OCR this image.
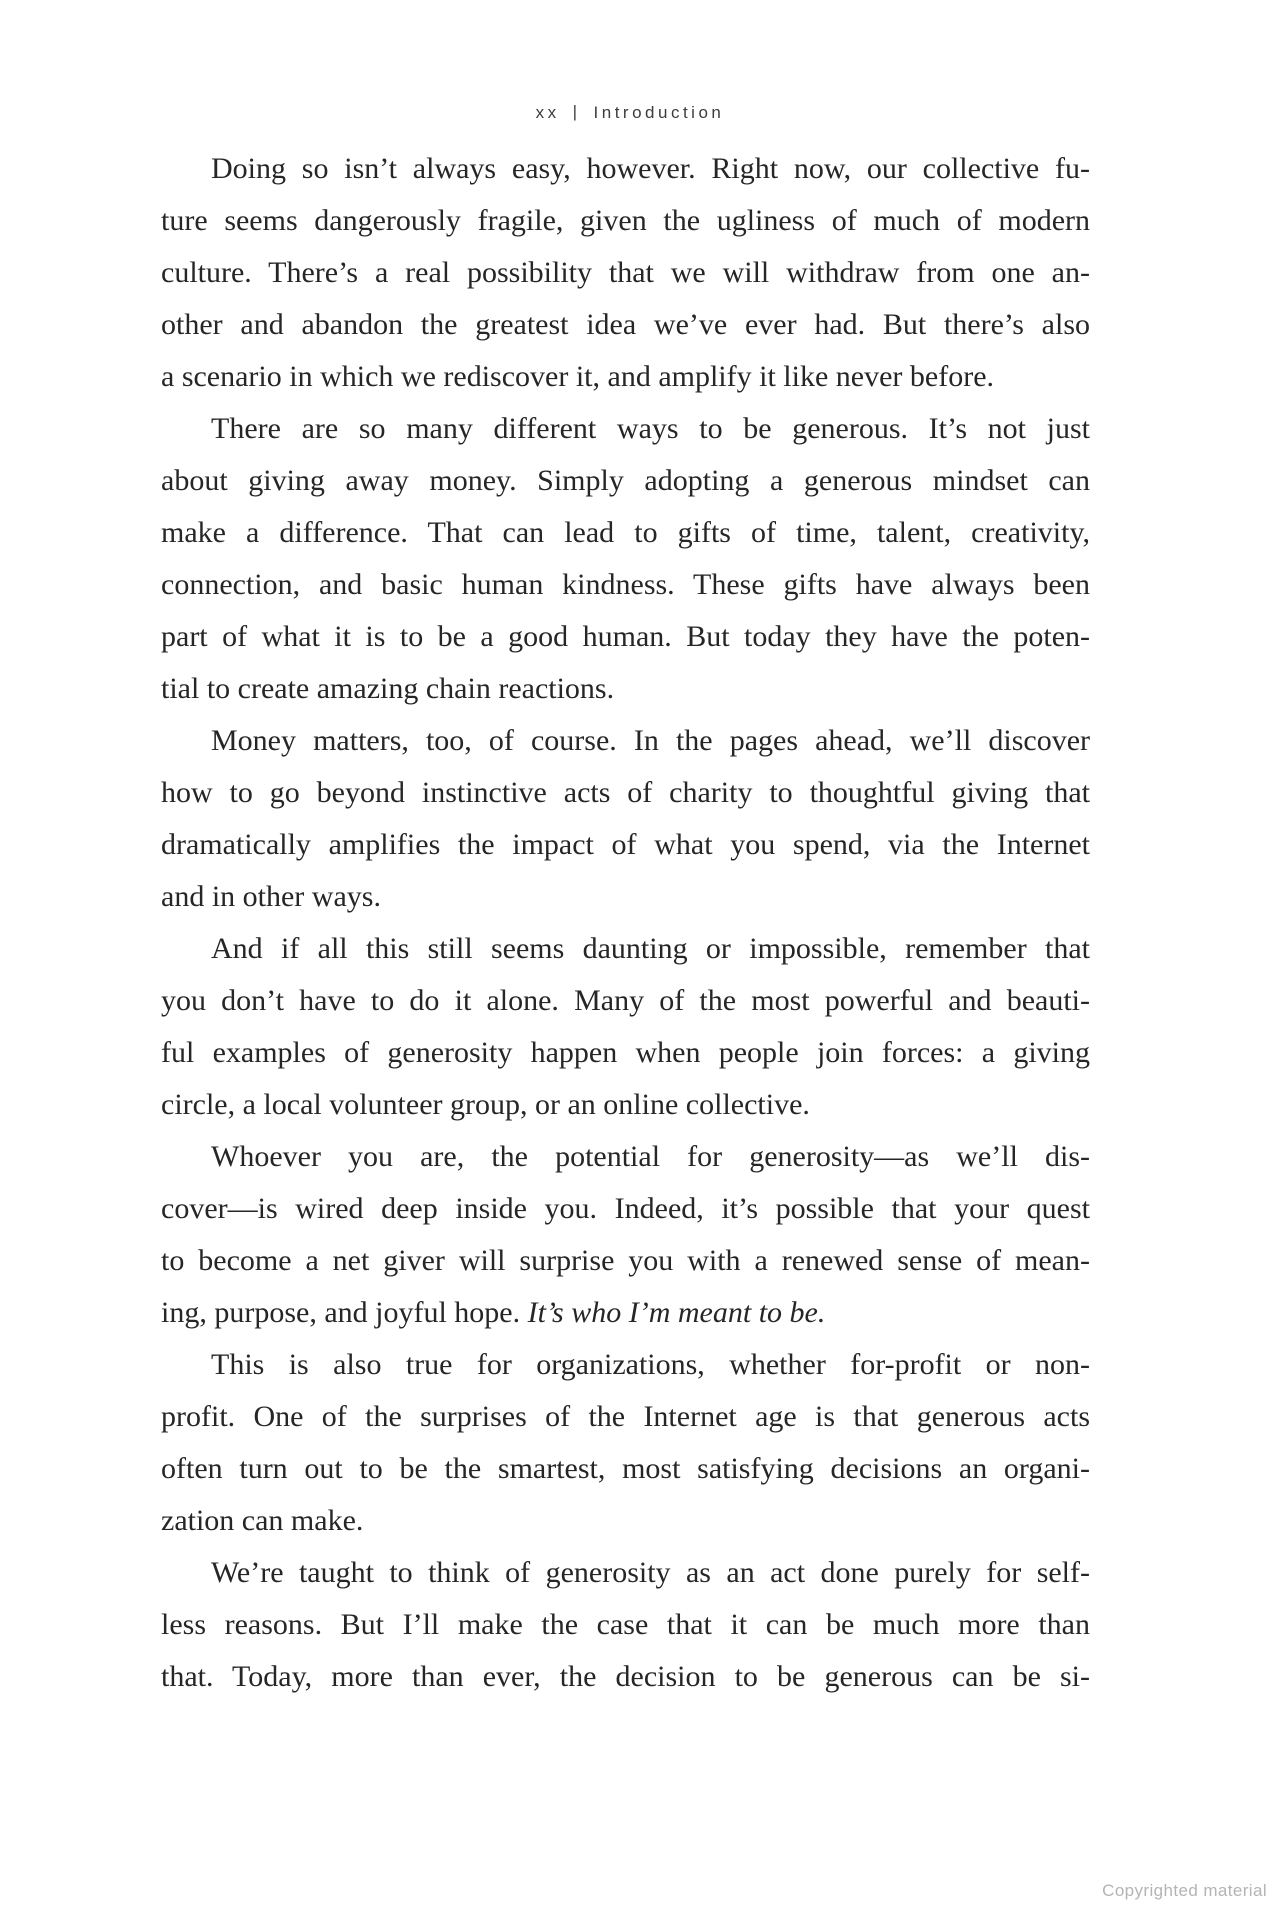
xx | Introduction
Doing so isn’t always easy, however. Right now, our collective fu-
ture seems dangerously fragile, given the ugliness of much of modern
culture. There’s a real possibility that we will withdraw from one an-
other and abandon the greatest idea we’ve ever had. But there’s also
a scenario in which we rediscover it, and amplify it like never before.
There are so many different ways to be generous. It’s not just
about giving away money. Simply adopting a generous mindset can
make a difference. That can lead to gifts of time, talent, creativity,
connection, and basic human kindness. These gifts have always been
part of what it is to be a good human. But today they have the poten-
tial to create amazing chain reactions.
Money matters, too, of course. In the pages ahead, we’ll discover
how to go beyond instinctive acts of charity to thoughtful giving that
dramatically amplifies the impact of what you spend, via the Internet
and in other ways.
And if all this still seems daunting or impossible, remember that
you don’t have to do it alone. Many of the most powerful and beauti-
ful examples of generosity happen when people join forces: a giving
circle, a local volunteer group, or an online collective.
Whoever you are, the potential for generosity—as we’ll dis-
cover—is wired deep inside you. Indeed, it’s possible that your quest
to become a net giver will surprise you with a renewed sense of mean-
ing, purpose, and joyful hope. It’s who I’m meant to be.
This is also true for organizations, whether for-profit or non-
profit. One of the surprises of the Internet age is that generous acts
often turn out to be the smartest, most satisfying decisions an organi-
zation can make.
We’re taught to think of generosity as an act done purely for self-
less reasons. But I’ll make the case that it can be much more than
that. Today, more than ever, the decision to be generous can be si-
Copyrighted material
